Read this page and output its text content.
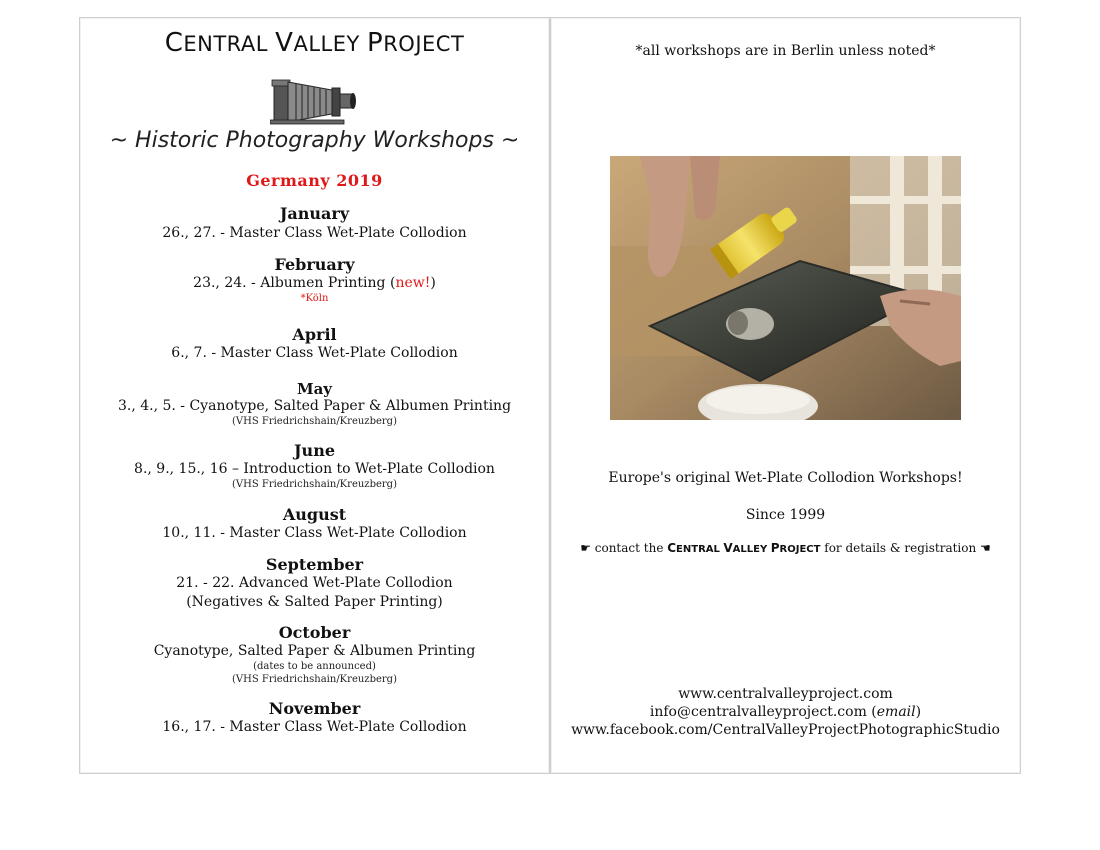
CENTRAL VALLEY PROJECT
~ Historic Photography Workshops ~
Germany 2019
January
26., 27. - Master Class Wet-Plate Collodion
February
23., 24. - Albumen Printing (new!)
*Köln
April
6., 7. - Master Class Wet-Plate Collodion
May
3., 4., 5. - Cyanotype, Salted Paper & Albumen Printing
(VHS Friedrichshain/Kreuzberg)
June
8., 9., 15., 16 – Introduction to Wet-Plate Collodion
(VHS Friedrichshain/Kreuzberg)
August
10., 11. - Master Class Wet-Plate Collodion
September
21. - 22. Advanced Wet-Plate Collodion
(Negatives & Salted Paper Printing)
October
Cyanotype, Salted Paper & Albumen Printing
(dates to be announced)
(VHS Friedrichshain/Kreuzberg)
November
16., 17. - Master Class Wet-Plate Collodion
*all workshops are in Berlin unless noted*
Europe's original Wet-Plate Collodion Workshops!
Since 1999
☛ contact the CENTRAL VALLEY PROJECT for details & registration ☚
www.centralvalleyproject.com
info@centralvalleyproject.com (email)
www.facebook.com/CentralValleyProjectPhotographicStudio
